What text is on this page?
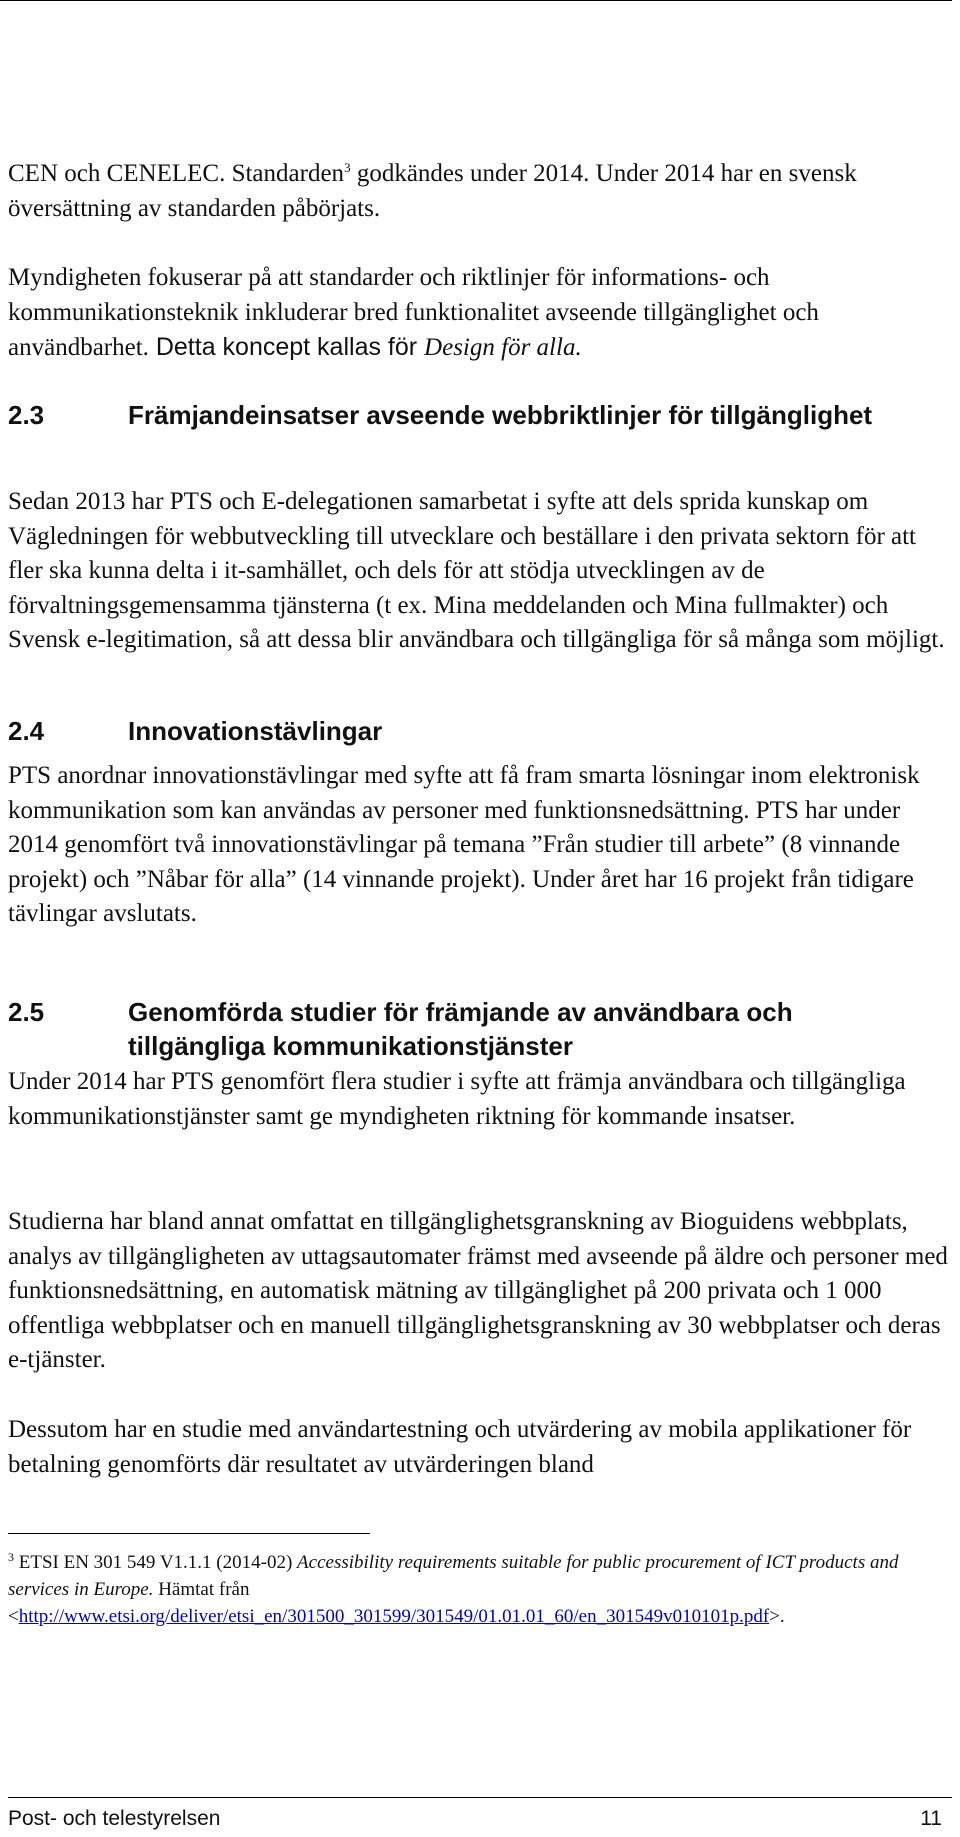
CEN och CENELEC. Standarden$^3$ godkändes under 2014. Under 2014 har en svensk översättning av standarden påbörjats.

Myndigheten fokuserar på att standarder och riktlinjer för informations- och kommunikationsteknik inkluderar bred funktionalitet avseende tillgänglighet och användbarhet. Detta koncept kallas för Design för alla.

2.3	Främjandeinsatser avseende webbriktlinjer för tillgänglighet

Sedan 2013 har PTS och E-delegationen samarbetat i syfte att dels sprida kunskap om Vägledningen för webbutveckling till utvecklare och beställare i den privata sektorn för att fler ska kunna delta i it-samhället, och dels för att stödja utvecklingen av de förvaltningsgemensamma tjänsterna (t ex. Mina meddelanden och Mina fullmakter) och Svensk e-legitimation, så att dessa blir användbara och tillgängliga för så många som möjligt.

2.4	Innovationstävlingar

PTS anordnar innovationstävlingar med syfte att få fram smarta lösningar inom elektronisk kommunikation som kan användas av personer med funktionsnedsättning. PTS har under 2014 genomfört två innovationstävlingar på temana ”Från studier till arbete” (8 vinnande projekt) och ”Nåbar för alla” (14 vinnande projekt). Under året har 16 projekt från tidigare tävlingar avslutats.

2.5	Genomförda studier för främjande av användbara och tillgängliga kommunikationstjänster

Under 2014 har PTS genomfört flera studier i syfte att främja användbara och tillgängliga kommunikationstjänster samt ge myndigheten riktning för kommande insatser.

Studierna har bland annat omfattat en tillgänglighetsgranskning av Bioguidens webbplats, analys av tillgängligheten av uttagsautomater främst med avseende på äldre och personer med funktionsnedsättning, en automatisk mätning av tillgänglighet på 200 privata och 1 000 offentliga webbplatser och en manuell tillgänglighetsgranskning av 30 webbplatser och deras e-tjänster.

Dessutom har en studie med användartestning och utvärdering av mobila applikationer för betalning genomförts där resultatet av utvärderingen bland

$^3$ ETSI EN 301 549 V1.1.1 (2014-02) Accessibility requirements suitable for public procurement of ICT products and services in Europe. Hämtat från
<http://www.etsi.org/deliver/etsi_en/301500_301599/301549/01.01.01_60/en_301549v010101p.pdf>.
Post- och telestyrelsen	11
